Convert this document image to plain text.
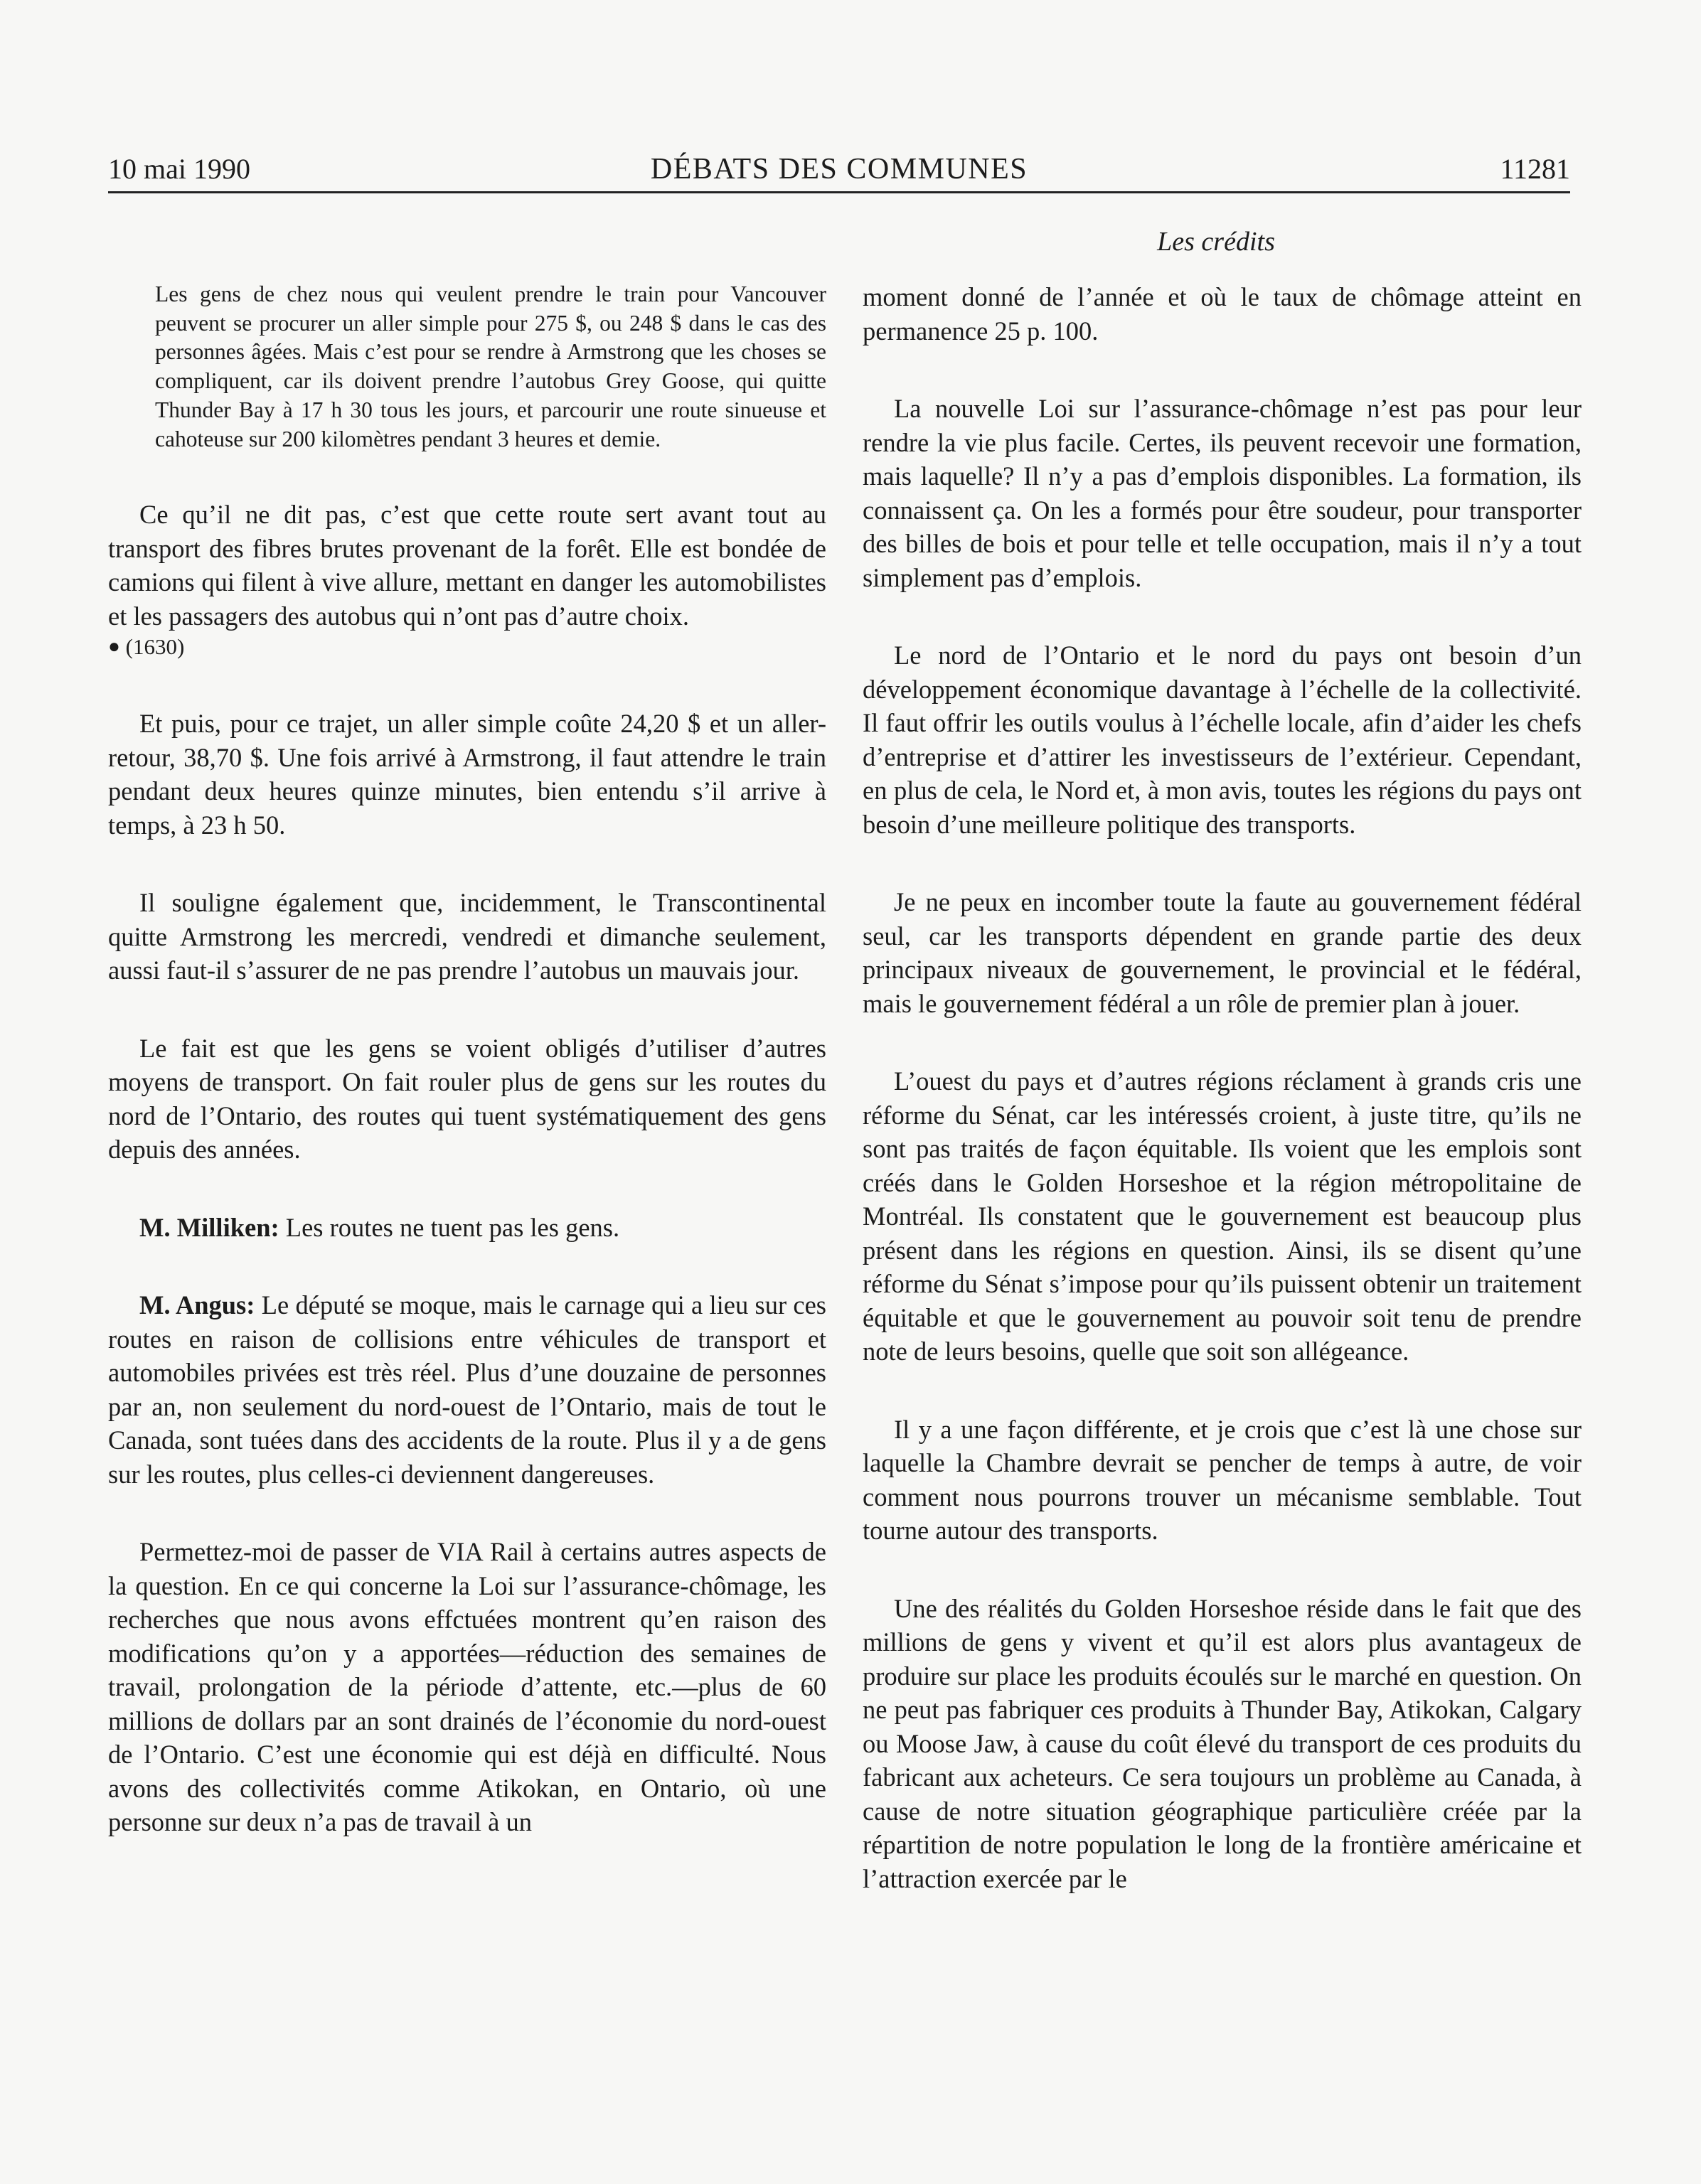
10 mai 1990	DÉBATS DES COMMUNES	11281
Les crédits

Les gens de chez nous qui veulent prendre le train pour Vancouver peuvent se procurer un aller simple pour 275 $, ou 248 $ dans le cas des personnes âgées. Mais c’est pour se rendre à Armstrong que les choses se compliquent, car ils doivent prendre l’autobus Grey Goose, qui quitte Thunder Bay à 17 h 30 tous les jours, et parcourir une route sinueuse et cahoteuse sur 200 kilomètres pendant 3 heures et demie.

Ce qu’il ne dit pas, c’est que cette route sert avant tout au transport des fibres brutes provenant de la forêt. Elle est bondée de camions qui filent à vive allure, mettant en danger les automobilistes et les passagers des autobus qui n’ont pas d’autre choix.

● (1630)

Et puis, pour ce trajet, un aller simple coûte 24,20 $ et un aller-retour, 38,70 $. Une fois arrivé à Armstrong, il faut attendre le train pendant deux heures quinze minutes, bien entendu s’il arrive à temps, à 23 h 50.

Il souligne également que, incidemment, le Transcontinental quitte Armstrong les mercredi, vendredi et dimanche seulement, aussi faut-il s’assurer de ne pas prendre l’autobus un mauvais jour.

Le fait est que les gens se voient obligés d’utiliser d’autres moyens de transport. On fait rouler plus de gens sur les routes du nord de l’Ontario, des routes qui tuent systématiquement des gens depuis des années.

M. Milliken: Les routes ne tuent pas les gens.

M. Angus: Le député se moque, mais le carnage qui a lieu sur ces routes en raison de collisions entre véhicules de transport et automobiles privées est très réel. Plus d’une douzaine de personnes par an, non seulement du nord-ouest de l’Ontario, mais de tout le Canada, sont tuées dans des accidents de la route. Plus il y a de gens sur les routes, plus celles-ci deviennent dangereuses.

Permettez-moi de passer de VIA Rail à certains autres aspects de la question. En ce qui concerne la Loi sur l’assurance-chômage, les recherches que nous avons effctuées montrent qu’en raison des modifications qu’on y a apportées—réduction des semaines de travail, prolongation de la période d’attente, etc.—plus de 60 millions de dollars par an sont drainés de l’économie du nord-ouest de l’Ontario. C’est une économie qui est déjà en difficulté. Nous avons des collectivités comme Atikokan, en Ontario, où une personne sur deux n’a pas de travail à un

moment donné de l’année et où le taux de chômage atteint en permanence 25 p. 100.

La nouvelle Loi sur l’assurance-chômage n’est pas pour leur rendre la vie plus facile. Certes, ils peuvent recevoir une formation, mais laquelle? Il n’y a pas d’emplois disponibles. La formation, ils connaissent ça. On les a formés pour être soudeur, pour transporter des billes de bois et pour telle et telle occupation, mais il n’y a tout simplement pas d’emplois.

Le nord de l’Ontario et le nord du pays ont besoin d’un développement économique davantage à l’échelle de la collectivité. Il faut offrir les outils voulus à l’échelle locale, afin d’aider les chefs d’entreprise et d’attirer les investisseurs de l’extérieur. Cependant, en plus de cela, le Nord et, à mon avis, toutes les régions du pays ont besoin d’une meilleure politique des transports.

Je ne peux en incomber toute la faute au gouvernement fédéral seul, car les transports dépendent en grande partie des deux principaux niveaux de gouvernement, le provincial et le fédéral, mais le gouvernement fédéral a un rôle de premier plan à jouer.

L’ouest du pays et d’autres régions réclament à grands cris une réforme du Sénat, car les intéressés croient, à juste titre, qu’ils ne sont pas traités de façon équitable. Ils voient que les emplois sont créés dans le Golden Horseshoe et la région métropolitaine de Montréal. Ils constatent que le gouvernement est beaucoup plus présent dans les régions en question. Ainsi, ils se disent qu’une réforme du Sénat s’impose pour qu’ils puissent obtenir un traitement équitable et que le gouvernement au pouvoir soit tenu de prendre note de leurs besoins, quelle que soit son allégeance.

Il y a une façon différente, et je crois que c’est là une chose sur laquelle la Chambre devrait se pencher de temps à autre, de voir comment nous pourrons trouver un mécanisme semblable. Tout tourne autour des transports.

Une des réalités du Golden Horseshoe réside dans le fait que des millions de gens y vivent et qu’il est alors plus avantageux de produire sur place les produits écoulés sur le marché en question. On ne peut pas fabriquer ces produits à Thunder Bay, Atikokan, Calgary ou Moose Jaw, à cause du coût élevé du transport de ces produits du fabricant aux acheteurs. Ce sera toujours un problème au Canada, à cause de notre situation géographique particulière créée par la répartition de notre population le long de la frontière américaine et l’attraction exercée par le
